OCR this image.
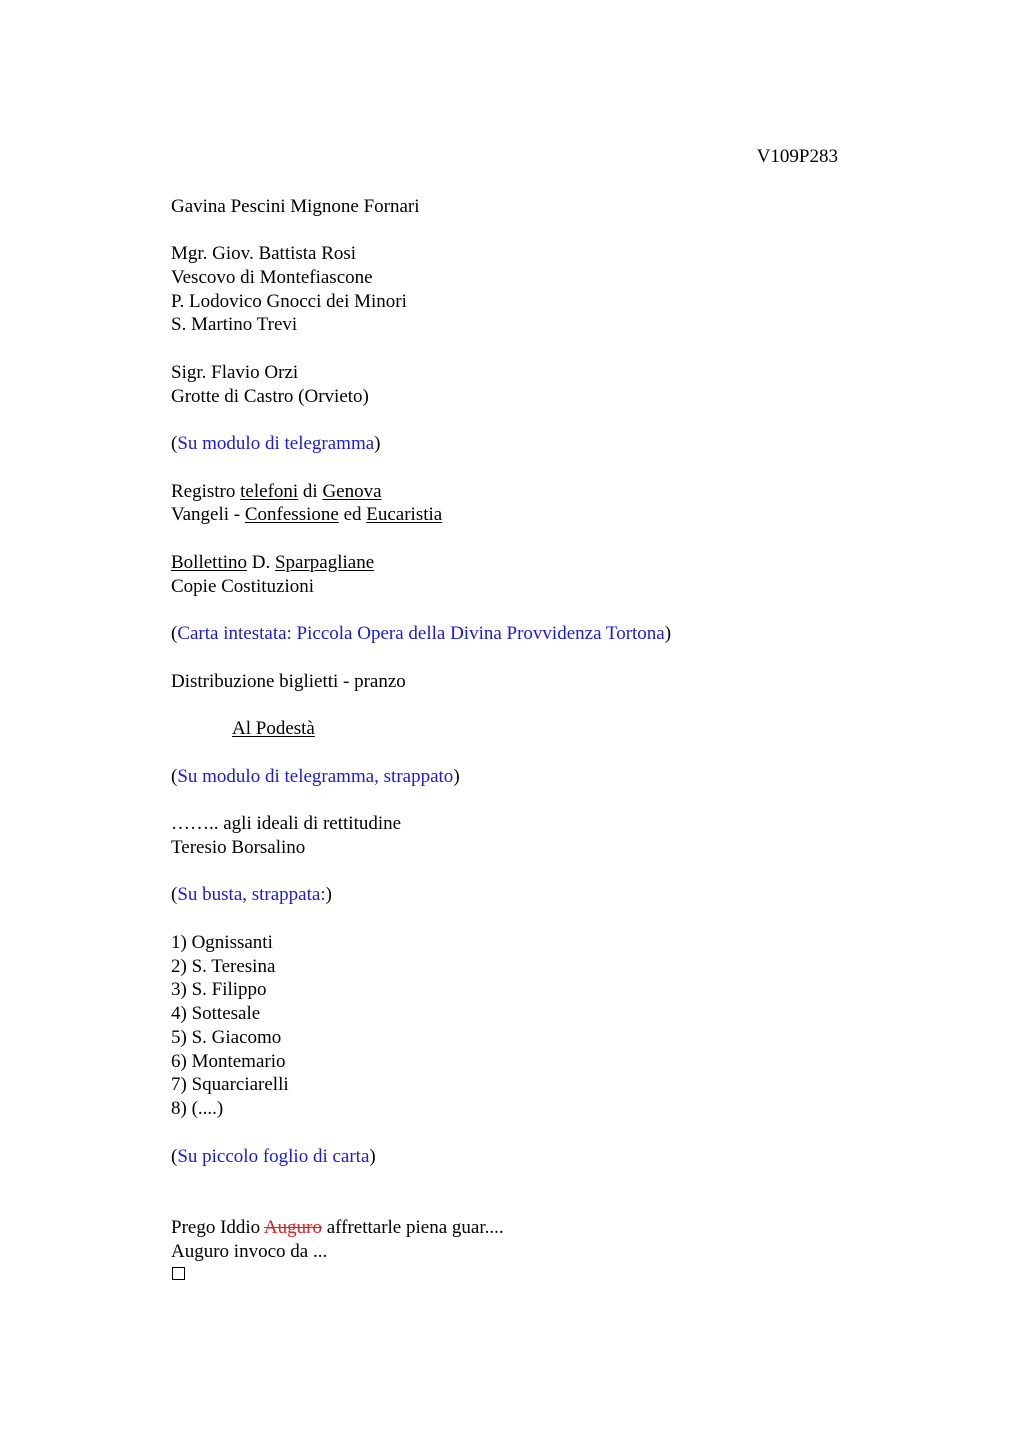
V109P283
Gavina Pescini Mignone Fornari
Mgr. Giov. Battista Rosi
Vescovo di Montefiascone
P. Lodovico Gnocci dei Minori
S. Martino Trevi
Sigr. Flavio Orzi
Grotte di Castro (Orvieto)
(Su modulo di telegramma)
Registro telefoni di Genova
Vangeli - Confessione ed Eucaristia
Bollettino D. Sparpagliane
Copie Costituzioni
(Carta intestata: Piccola Opera della Divina Provvidenza Tortona)
Distribuzione biglietti - pranzo
Al Podestà
(Su modulo di telegramma, strappato)
…….. agli ideali di rettitudine
Teresio Borsalino
(Su busta, strappata:)
1) Ognissanti
2) S. Teresina
3) S. Filippo
4) Sottesale
5) S. Giacomo
6) Montemario
7) Squarciarelli
8) (....)
(Su piccolo foglio di carta)
Prego Iddio Auguro affrettarle piena guar....
Auguro invoco da ...
